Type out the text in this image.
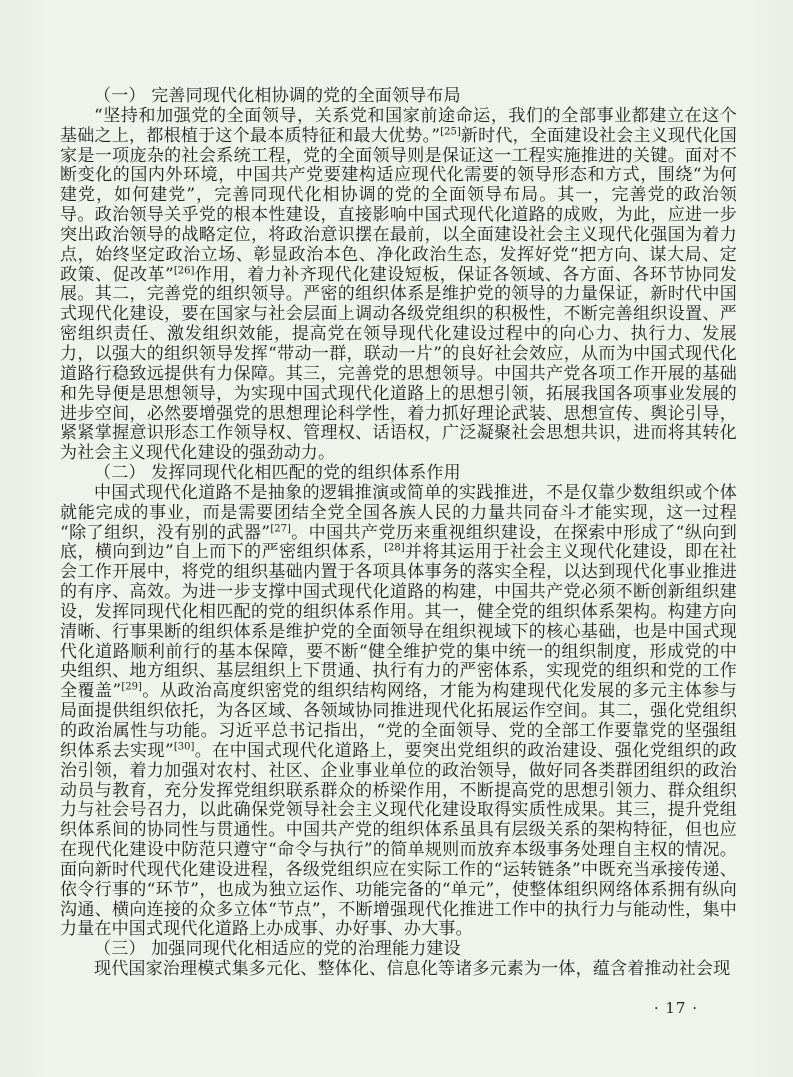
（一） 完善同现代化相协调的党的全面领导布局

“坚持和加强党的全面领导，关系党和国家前途命运，我们的全部事业都建立在这个基础之上，都根植于这个最本质特征和最大优势。”[25]新时代，全面建设社会主义现代化国家是一项庞杂的社会系统工程，党的全面领导则是保证这一工程实施推进的关键。面对不断变化的国内外环境，中国共产党要建构适应现代化需要的领导形态和方式，围绕“为何建党，如何建党”，完善同现代化相协调的党的全面领导布局。其一，完善党的政治领导。政治领导关乎党的根本性建设，直接影响中国式现代化道路的成败，为此，应进一步突出政治领导的战略定位，将政治意识摆在最前，以全面建设社会主义现代化强国为着力点，始终坚定政治立场、彰显政治本色、净化政治生态，发挥好党“把方向、谋大局、定政策、促改革”[26]作用，着力补齐现代化建设短板，保证各领域、各方面、各环节协同发展。其二，完善党的组织领导。严密的组织体系是维护党的领导的力量保证，新时代中国式现代化建设，要在国家与社会层面上调动各级党组织的积极性，不断完善组织设置、严密组织责任、激发组织效能，提高党在领导现代化建设过程中的向心力、执行力、发展力，以强大的组织领导发挥“带动一群，联动一片”的良好社会效应，从而为中国式现代化道路行稳致远提供有力保障。其三，完善党的思想领导。中国共产党各项工作开展的基础和先导便是思想领导，为实现中国式现代化道路上的思想引领，拓展我国各项事业发展的进步空间，必然要增强党的思想理论科学性，着力抓好理论武装、思想宣传、舆论引导，紧紧掌握意识形态工作领导权、管理权、话语权，广泛凝聚社会思想共识，进而将其转化为社会主义现代化建设的强劲动力。

（二） 发挥同现代化相匹配的党的组织体系作用

中国式现代化道路不是抽象的逻辑推演或简单的实践推进，不是仅靠少数组织或个体就能完成的事业，而是需要团结全党全国各族人民的力量共同奋斗才能实现，这一过程“除了组织，没有别的武器”[27]。中国共产党历来重视组织建设，在探索中形成了“纵向到底，横向到边”自上而下的严密组织体系，[28]并将其运用于社会主义现代化建设，即在社会工作开展中，将党的组织基础内置于各项具体事务的落实全程，以达到现代化事业推进的有序、高效。为进一步支撑中国式现代化道路的构建，中国共产党必须不断创新组织建设，发挥同现代化相匹配的党的组织体系作用。其一，健全党的组织体系架构。构建方向清晰、行事果断的组织体系是维护党的全面领导在组织视域下的核心基础，也是中国式现代化道路顺利前行的基本保障，要不断“健全维护党的集中统一的组织制度，形成党的中央组织、地方组织、基层组织上下贯通、执行有力的严密体系，实现党的组织和党的工作全覆盖”[29]。从政治高度织密党的组织结构网络，才能为构建现代化发展的多元主体参与局面提供组织依托，为各区域、各领域协同推进现代化拓展运作空间。其二，强化党组织的政治属性与功能。习近平总书记指出，“党的全面领导、党的全部工作要靠党的坚强组织体系去实现”[30]。在中国式现代化道路上，要突出党组织的政治建设、强化党组织的政治引领，着力加强对农村、社区、企业事业单位的政治领导，做好同各类群团组织的政治动员与教育，充分发挥党组织联系群众的桥梁作用，不断提高党的思想引领力、群众组织力与社会号召力，以此确保党领导社会主义现代化建设取得实质性成果。其三，提升党组织体系间的协同性与贯通性。中国共产党的组织体系虽具有层级关系的架构特征，但也应在现代化建设中防范只遵守“命令与执行”的简单规则而放弃本级事务处理自主权的情况。面向新时代现代化建设进程，各级党组织应在实际工作的“运转链条”中既充当承接传递、依令行事的“环节”，也成为独立运作、功能完备的“单元”，使整体组织网络体系拥有纵向沟通、横向连接的众多立体“节点”，不断增强现代化推进工作中的执行力与能动性，集中力量在中国式现代化道路上办成事、办好事、办大事。

（三） 加强同现代化相适应的党的治理能力建设

现代国家治理模式集多元化、整体化、信息化等诸多元素为一体，蕴含着推动社会现

· 17 ·
